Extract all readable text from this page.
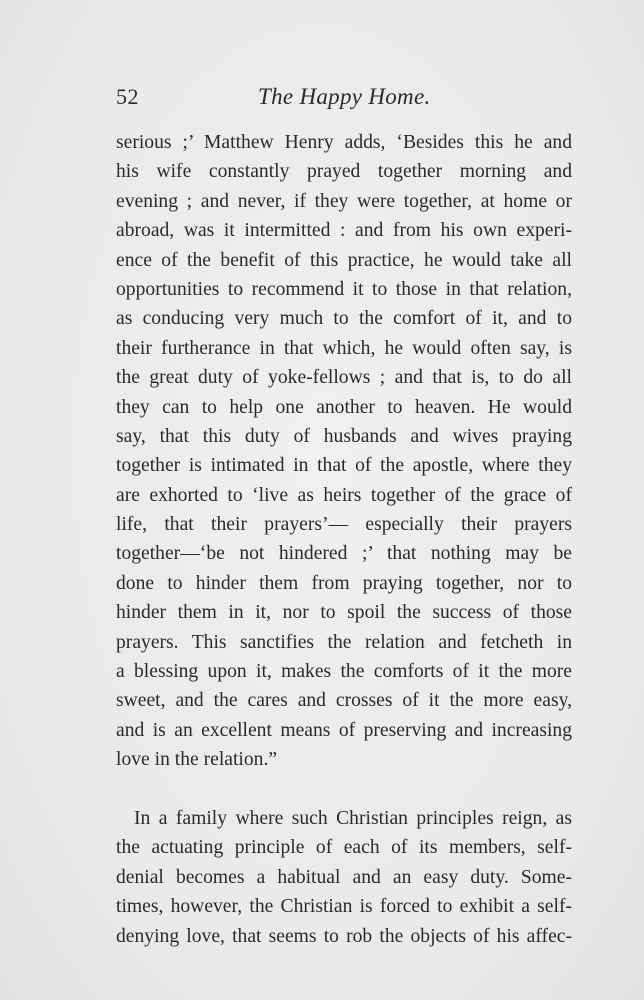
52	The Happy Home.
serious ;’ Matthew Henry adds, ‘Besides this he and
his wife constantly prayed together morning and
evening ; and never, if they were together, at home or
abroad, was it intermitted : and from his own experi-
ence of the benefit of this practice, he would take all
opportunities to recommend it to those in that relation,
as conducing very much to the comfort of it, and to
their furtherance in that which, he would often say, is
the great duty of yoke-fellows ; and that is, to do all
they can to help one another to heaven. He would
say, that this duty of husbands and wives praying
together is intimated in that of the apostle, where they
are exhorted to ‘live as heirs together of the grace of
life, that their prayers’— especially their prayers
together—‘be not hindered ;’ that nothing may be
done to hinder them from praying together, nor to
hinder them in it, nor to spoil the success of those
prayers. This sanctifies the relation and fetcheth in
a blessing upon it, makes the comforts of it the more
sweet, and the cares and crosses of it the more easy,
and is an excellent means of preserving and increasing
love in the relation.”
In a family where such Christian principles reign, as
the actuating principle of each of its members, self-
denial becomes a habitual and an easy duty. Some-
times, however, the Christian is forced to exhibit a self-
denying love, that seems to rob the objects of his affec-
